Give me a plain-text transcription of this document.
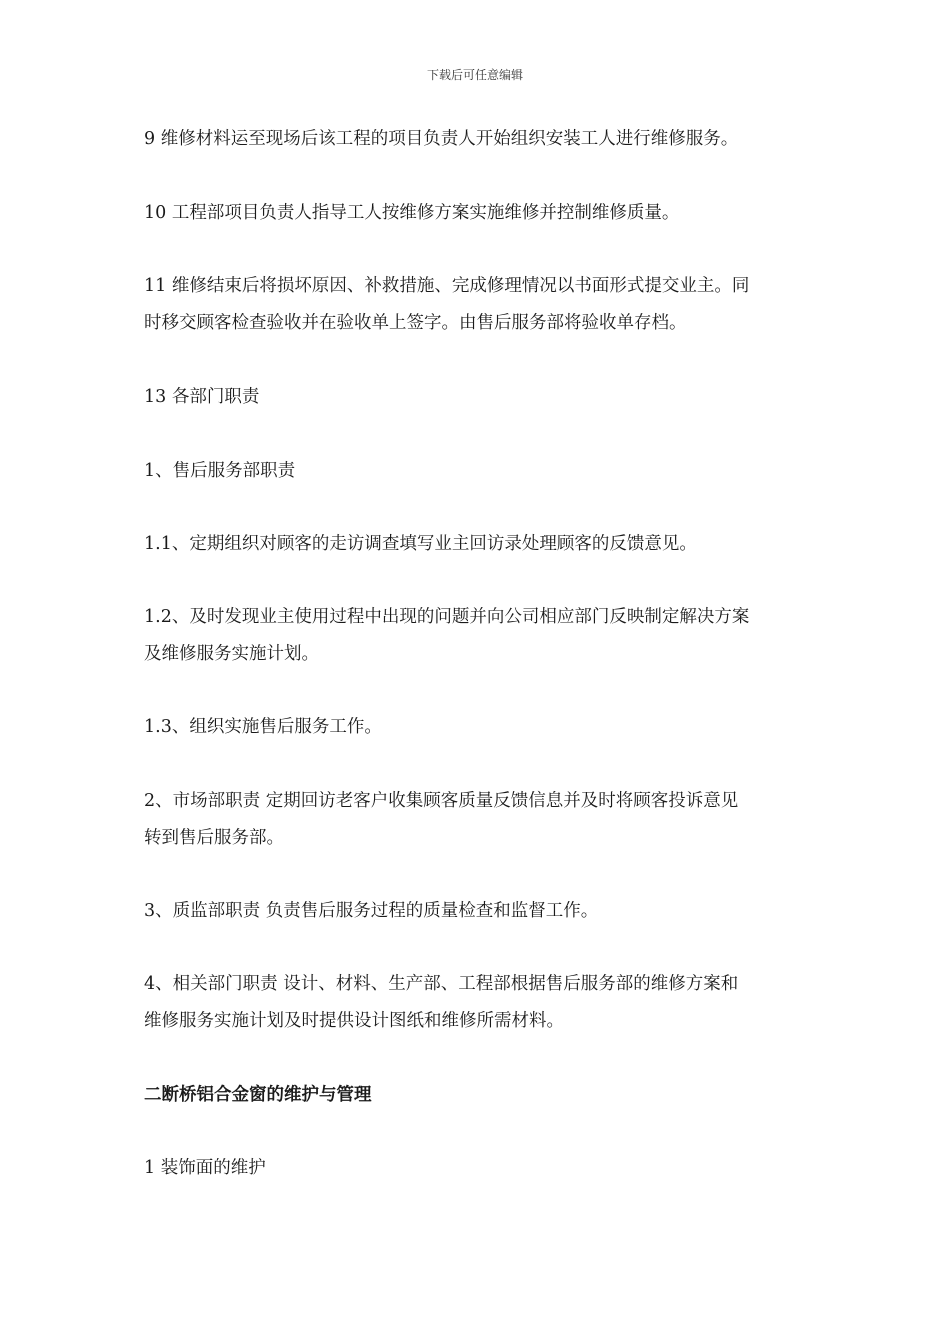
下载后可任意编辑
9 维修材料运至现场后该工程的项目负责人开始组织安装工人进行维修服务。
10 工程部项目负责人指导工人按维修方案实施维修并控制维修质量。
11 维修结束后将损坏原因、补救措施、完成修理情况以书面形式提交业主。同
时移交顾客检查验收并在验收单上签字。由售后服务部将验收单存档。
13 各部门职责
1、售后服务部职责
1.1、定期组织对顾客的走访调查填写业主回访录处理顾客的反馈意见。
1.2、及时发现业主使用过程中出现的问题并向公司相应部门反映制定解决方案
及维修服务实施计划。
1.3、组织实施售后服务工作。
2、市场部职责 定期回访老客户收集顾客质量反馈信息并及时将顾客投诉意见
转到售后服务部。
3、质监部职责 负责售后服务过程的质量检查和监督工作。
4、相关部门职责 设计、材料、生产部、工程部根据售后服务部的维修方案和
维修服务实施计划及时提供设计图纸和维修所需材料。
二断桥铝合金窗的维护与管理
1 装饰面的维护
